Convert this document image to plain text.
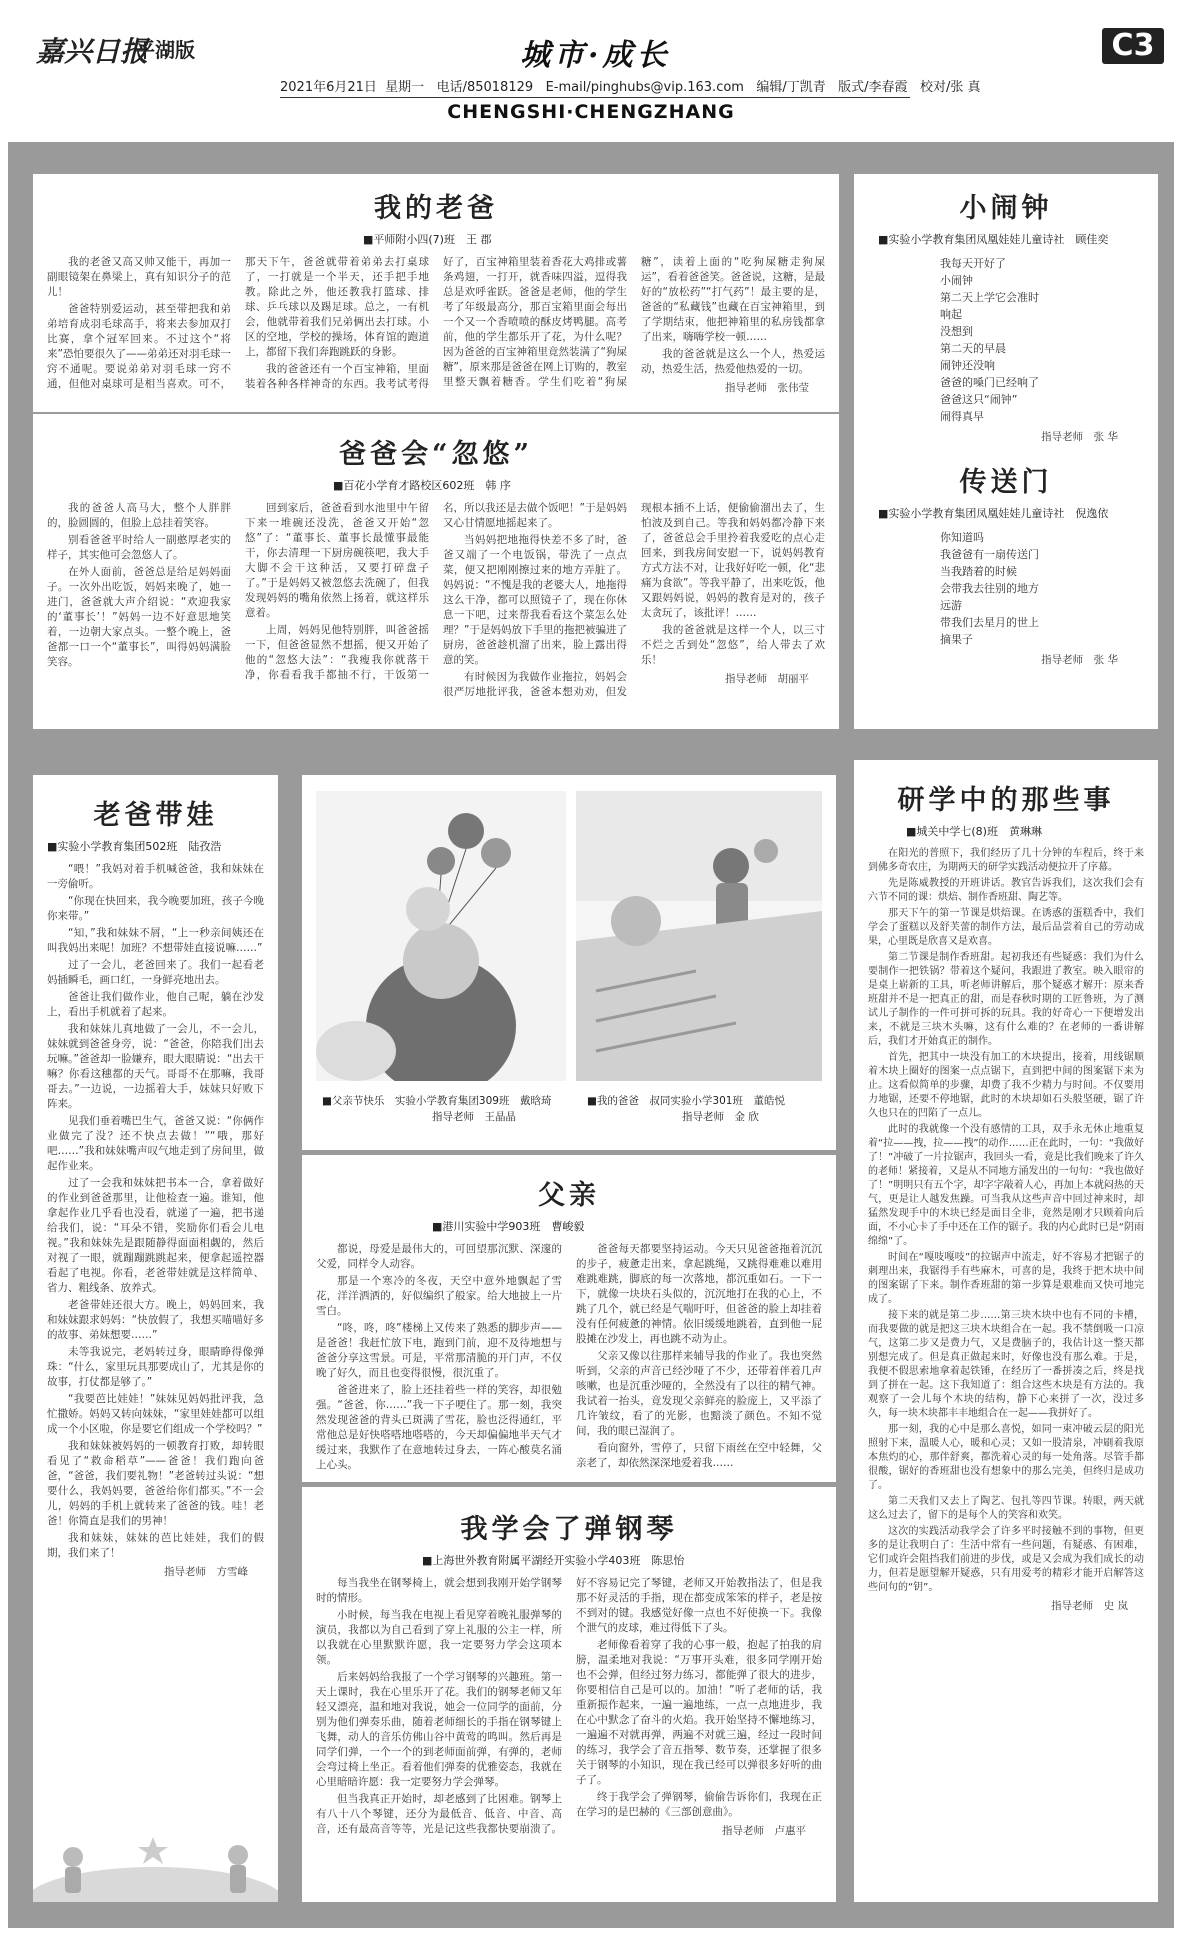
嘉兴日报
平湖版	城市·成长	C3
2021年6月21日 星期一 电话/85018129 E-mail/pinghubs@vip.163.com 编辑/丁凯青 版式/李春霞 校对/张 真
CHENGSHI·CHENGZHANG
我的老爸
■平师附小四(7)班　王 郡

我的老爸又高又帅又能干，再加一副眼镜架在鼻梁上，真有知识分子的范儿！

爸爸特别爱运动，甚至带把我和弟弟培育成羽毛球高手，将来去参加双打比赛，拿个冠军回来。不过这个“将来”恐怕要很久了——弟弟还对羽毛球一窍不通呢。要说弟弟对羽毛球一窍不通，但他对桌球可是相当喜欢。可不，那天下午，爸爸就带着弟弟去打桌球了，一打就是一个半天，还手把手地教。除此之外，他还教我打篮球、排球、乒乓球以及踢足球。总之，一有机会，他就带着我们兄弟俩出去打球。小区的空地，学校的操场，体育馆的跑道上，都留下我们奔跑跳跃的身影。

我的爸爸还有一个百宝神箱，里面装着各种各样神奇的东西。我考试考得好了，百宝神箱里装着香花大鸡排或薯条鸡翅，一打开，就香味四溢，逗得我总是欢呼雀跃。爸爸是老师，他的学生考了年级最高分，那百宝箱里面会每出一个又一个香喷喷的酥皮烤鸭腿。高考前，他的学生都乐开了花，为什么呢？因为爸爸的百宝神箱里竟然装满了“狗屎糖”，原来那是爸爸在网上订购的，教室里整天飘着糖香。学生们吃着“狗屎糖”，读着上面的“吃狗屎糖走狗屎运”，看着爸爸笑。爸爸说，这糖，是最好的“放松药”“打气药”！最主要的是，爸爸的“私藏钱”也藏在百宝神箱里，到了学期结束，他把神箱里的私房钱都拿了出来，嗨嗨学校一顿……

我的爸爸就是这么一个人，热爱运动，热爱生活，热爱他热爱的一切。

指导老师　张伟莹
爸爸会“忽悠”
■百花小学育才路校区602班　韩 序

我的爸爸人高马大，整个人胖胖的，脸圆圆的，但脸上总挂着笑容。

别看爸爸平时给人一副憨厚老实的样子，其实他可会忽悠人了。

在外人面前，爸爸总是给足妈妈面子。一次外出吃饭，妈妈来晚了，她一进门，爸爸就大声介绍说：“欢迎我家的‘董事长’！”妈妈一边不好意思地笑着，一边朝大家点头。一整个晚上，爸爸都一口一个“董事长”，叫得妈妈满脸笑容。

回到家后，爸爸看到水池里中午留下来一堆碗还没洗，爸爸又开始“忽悠”了：“董事长、董事长最懂事最能干，你去清理一下厨房碗筷吧，我大手大脚不会干这种活，又要打碎盘子了。”于是妈妈又被忽悠去洗碗了，但我发现妈妈的嘴角依然上扬着，就这样乐意着。

上周，妈妈见他特别胖，叫爸爸摇一下，但爸爸显然不想摇，便又开始了他的“忽悠大法”：“我瘦我你就落干净，你看看我手都抽不行，干饭第一名，所以我还是去做个饭吧！”于是妈妈又心甘情愿地摇起来了。

当妈妈把地拖得快差不多了时，爸爸又端了一个电饭锅，带洗了一点点菜，便又把刚刚擦过来的地方弄脏了。妈妈说：“不愧是我的老婆大人，地拖得这么干净，都可以照镜子了，现在你休息一下吧，过来帮我看看这个菜怎么处理？”于是妈妈放下手里的拖把被骗进了厨房，爸爸趁机溜了出来，脸上露出得意的笑。

有时候因为我做作业拖拉，妈妈会很严厉地批评我，爸爸本想劝劝，但发现根本插不上话，便偷偷溜出去了，生怕波及到自己。等我和妈妈都冷静下来了，爸爸总会手里拎着我爱吃的点心走回来，到我房间安慰一下，说妈妈教育方式方法不对，让我好好吃一顿，化“悲痛为食欲”。等我平静了，出来吃饭，他又跟妈妈说，妈妈的教育是对的，孩子太贪玩了，该批评！……

我的爸爸就是这样一个人，以三寸不烂之舌到处“忽悠”，给人带去了欢乐！

指导老师　胡丽平
小闹钟
■实验小学教育集团凤凰娃娃儿童诗社　顾佳奕
我每天开好了
小闹钟
第二天上学它会准时
响起
没想到
第二天的早晨
闹钟还没响
爸爸的嗓门已经响了
爸爸这只“闹钟”
闹得真早
指导老师　张 华
传送门
■实验小学教育集团凤凰娃娃儿童诗社　倪逸依
你知道吗
我爸爸有一扇传送门
当我踏着的时候
会带我去往别的地方
远游
带我们去星月的世上
摘果子
指导老师　张 华
老爸带娃
■实验小学教育集团502班　陆孜浩

“喂！”我妈对着手机喊爸爸，我和妹妹在一旁偷听。

“你现在快回来，我今晚要加班，孩子今晚你来带。”

“知，”我和妹妹不屑，“上一秒亲间姨还在叫我妈出来呢！加班？不想带娃直接说嘛……”

过了一会儿，老爸回来了。我们一起看老妈插瞬毛，画口红，一身鲜亮地出去。

爸爸让我们做作业，他自己呢，躺在沙发上，看出手机就着了起来。

我和妹妹儿真地做了一会儿，不一会儿，妹妹就到爸爸身旁，说：“爸爸，你陪我们出去玩嘛。”爸爸却一脸嫌弃，眼大眼睛说：“出去干嘛？你看这穗都的天气。哥哥不在那嘛，我哥哥去。”一边说，一边摇着大手，妹妹只好败下阵来。

见我们垂着嘴巴生气，爸爸又说：“你俩作业做完了没？还不快点去做！”“哦，那好吧……”我和妹妹嘴声叹气地走到了房间里，做起作业来。

过了一会我和妹妹把书本一合，拿着做好的作业到爸爸那里，让他检查一遍。谁知，他拿起作业几乎看也没看，就递了一遍，把书递给我们，说：“耳朵不错，奖励你们看会儿电视。”我和妹妹先是跟随静得面面相觑的，然后对视了一眼，就蹦蹦跳跳起来，便拿起遥控器看起了电视。你看，老爸带娃就是这样简单、省力、粗线条、放养式。

老爸带娃还很大方。晚上，妈妈回来，我和妹妹跟求妈妈：“快放假了，我想买喵喵好多的故事、弟妹想要……”

未等我说完，老妈转过身，眼睛睁得像弹珠：“什么，家里玩具那要成山了，尤其是你的故事，打仗都是够了。”

“我要芭比娃娃！”妹妹见妈妈批评我，急忙撒娇。妈妈又转向妹妹，“家里娃娃都可以组成一个小区啦，你是要它们组成一个学校吗？”

我和妹妹被妈妈的一顿教育打败，却转眼看见了“救命稻草”——爸爸！我们跑向爸爸，“爸爸，我们要礼物！”老爸转过头说：“想要什么，我妈妈要，爸爸给你们都买。”不一会儿，妈妈的手机上就转来了爸爸的钱。哇！老爸！你简直是我们的男神！

我和妹妹，妹妹的芭比娃娃，我们的假期，我们来了！

指导老师　方雪峰
■父亲节快乐　实验小学教育集团309班　戴晗琦
指导老师　王晶晶
■我的爸爸　叔同实验小学301班　董皓悦
指导老师　金 欣
父亲
■港川实验中学903班　曹峻毅

都说，母爱是最伟大的，可回望那沉默、深邃的父爱，同样令人动容。

那是一个寒冷的冬夜，天空中意外地飘起了雪花，洋洋洒洒的，好似编织了般家。给大地披上一片雪白。

“咚，咚，咚”楼梯上又传来了熟悉的脚步声——是爸爸！我赶忙放下电，跑到门前，迎不及待地想与爸爸分享这雪景。可是，平常那清脆的开门声，不仅晚了好久，而且也变得很慢，很沉重了。

爸爸进来了，脸上还挂着些一样的笑容，却很勉强。“爸爸，你……”我一下子哽住了。那一刻，我突然发现爸爸的背头已斑满了雪花，脸也泛得通红，平常他总是好快嗒嗒地嗒嗒的，今天却偏偏地半天气才缓过来，我默作了在意地转过身去，一阵心酸莫名涌上心头。

爸爸每天都要坚持运动。今天只见爸爸拖着沉沉的步子，疲惫走出来，拿起跳绳，又跳得难难以难用难跳难跳，脚底的每一次落地，都沉重如石。一下一下，就像一块块石头似的，沉沉地打在我的心上，不跳了几个，就已经是气喘吁吁，但爸爸的脸上却挂着没有任何疲惫的神情。依旧缓缓地跳着，直到他一屁股摊在沙发上，再也跳不动为止。

父亲又像以往那样来辅导我的作业了。我也突然听到，父亲的声音已经沙哑了不少，还带着伴着几声咳嗽，也是沉重沙哑的，全然没有了以往的精气神。我试着一抬头，竟发现父亲鲜亮的脸庞上，又平添了几许皱纹，看了的光影，也黯淡了颜色。不知不觉间，我的眼已湿润了。

看向窗外，雪停了，只留下雨丝在空中轻舞，父亲老了，却依然深深地爱着我……

我学会了弹钢琴
■上海世外教育附属平湖经开实验小学403班　陈思怡

每当我坐在钢琴椅上，就会想到我刚开始学钢琴时的情形。

小时候，每当我在电视上看见穿着晚礼服弹琴的演员，我都以为自己看到了穿上礼服的公主一样，所以我就在心里默默许愿，我一定要努力学会这项本领。

后来妈妈给我报了一个学习钢琴的兴趣班。第一天上课时，我在心里乐开了花。我们的钢琴老师又年轻又漂亮，温和地对我说，她会一位同学的面前，分别为他们弹奏乐曲，随着老师细长的手指在钢琴键上飞舞，动人的音乐仿佛山谷中黄莺的鸣叫。然后再是同学们弹，一个一个的到老师面前弹，有弹的，老师会弯过椅上坐正。看着他们弹奏的优雅姿态，我就在心里暗暗许愿：我一定要努力学会弹琴。

但当我真正开始时，却老感到了比困难。钢琴上有八十八个琴键，还分为最低音、低音、中音、高音，还有最高音等等，光是记这些我都快要崩溃了。好不容易记完了琴键，老师又开始教指法了，但是我那不好灵活的手指，现在都变成笨笨的样子，老是按不到对的键。我感觉好像一点也不好使换一下。我像个泄气的皮球，难过得低下了头。

老师像看着穿了我的心事一般，抱起了拍我的肩膀，温柔地对我说：“万事开头难，很多同学刚开始也不会弹，但经过努力练习，都能弹了很大的进步，你要相信自己是可以的。加油！”听了老师的话，我重新振作起来，一遍一遍地练，一点一点地进步，我在心中默念了奋斗的火焰。我开始坚持不懈地练习，一遍遍不对就再弹，两遍不对就三遍，经过一段时间的练习，我学会了音五指琴、数节奏，还掌握了很多关于钢琴的小知识，现在我已经可以弹很多好听的曲子了。

终于我学会了弹钢琴，偷偷告诉你们，我现在正在学习的是巴赫的《三部创意曲》。

指导老师　卢惠平
研学中的那些事
■城关中学七(8)班　黄琳琳

在阳光的普照下，我们经历了几十分钟的车程后，终于来到佛多奇农庄，为期两天的研学实践活动便拉开了序幕。

先是陈威教授的开班讲话。教官告诉我们，这次我们会有六节不同的课：烘焙、制作香班甜、陶艺等。

那天下午的第一节课是烘焙课。在诱惑的蛋糕香中，我们学会了蛋糕以及舒芙蕾的制作方法，最后品尝着自己的劳动成果，心里既是欣喜又是欢喜。

第二节课是制作香班甜。起初我还有些疑惑：我们为什么要制作一把铁锅？带着这个疑问，我跟进了教室。映入眼帘的是桌上崭新的工具，听老师讲解后，那个疑惑才解开：原来香班甜并不是一把真正的甜，而是春秋时期的工匠鲁班，为了测试儿子制作的一件可拼可拆的玩具。我的好奇心一下便增发出来，不就是三块木头嘛，这有什么难的？在老师的一番讲解后，我们才开始真正的制作。

首先，把其中一块没有加工的木块提出，接着，用线锯顺着木块上圈好的图案一点点锯下，直到把中间的图案锯下来为止。这看似简单的步骤，却费了我不少精力与时间。不仅要用力地锯，还要不停地锯，此时的木块却如石头般坚硬，锯了许久也只在的凹陷了一点儿。

此时的我就像一个没有感情的工具，双手永无休止地重复着“拉——拽，拉——拽”的动作……正在此时，一句：“我做好了！”冲破了一片拉锯声，我回头一看，竟是比我们晚来了许久的老师！紧接着，又是从不同地方涌发出的一句句：“我也做好了！”明明只有五个字，却字字敲着人心，再加上本就闷热的天气，更是让人越发焦躁。可当我从这些声音中回过神来时，却猛然发现手中的木块已经是面目全非，竟然是刚才只顾着向后面，不小心卡了手中还在工作的锯子。我的内心此时已是“阴雨绵绵”了。

时间在“嘎吱嘎吱”的拉锯声中流走，好不容易才把锯子的刺理出来，我锯得手有些麻木，可喜的是，我终于把木块中间的图案锯了下来。制作香班甜的第一步算是艰难而又快可地完成了。

接下来的就是第二步……第三块木块中也有不同的卡槽，而我要做的就是把这三块木块组合在一起。我不禁倒吸一口凉气，这第二步又是费力气，又是费脑子的，我估计这一整天都别想完成了。但是真正做起来时，好像也没有那么难。于是，我便不假思索地拿着起铁锤，在经历了一番拼凑之后，终是找到了拼在一起。这下我知道了：组合这些木块是有方法的。我观察了一会儿每个木块的结构，静下心来拼了一次，没过多久，每一块木块都丰丰地组合在一起——我拼好了。

那一刻，我的心中是那么喜悦，如同一束冲破云层的阳光照射下来，温暖人心，暖和心灵；又如一股清泉，冲刷着我原本焦灼的心，那伴舒爽，都洗着心灵的每一处角落。尽管手都很酸，锯好的香班甜也没有想象中的那么完美，但终归是成功了。

第二天我们又去上了陶艺、包扎等四节课。转眼，两天就这么过去了，留下的是每个人的笑容和欢笑。

这次的实践活动我学会了许多平时接触不到的事物，但更多的是让我明白了：生活中常有一些问题，有疑惑、有困难，它们或许会阻挡我们前进的步伐，或是又会成为我们成长的动力，但若是愿望解开疑惑，只有用爱考的精彩才能开启解答这些问句的“钥”。

指导老师　史 岚
